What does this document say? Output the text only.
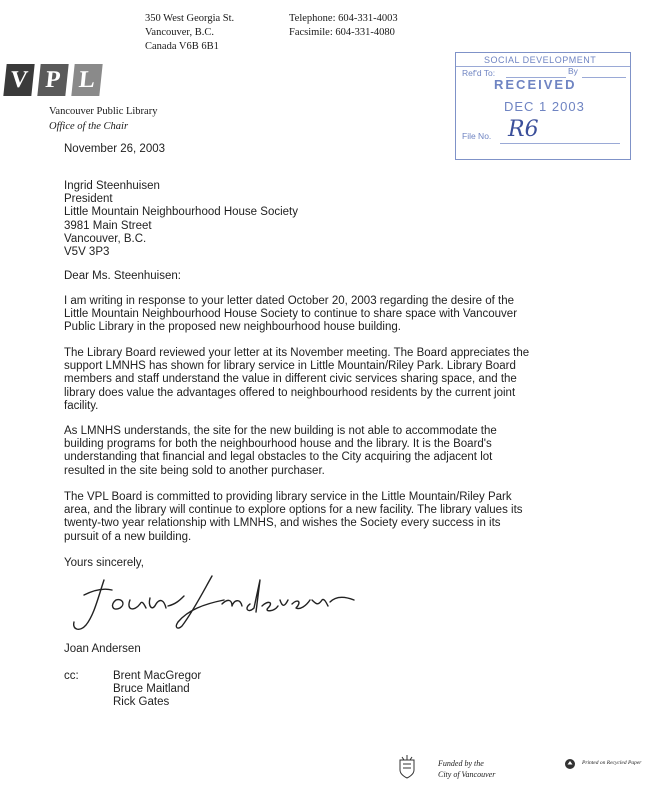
350 West Georgia St.
Vancouver, B.C.
Canada V6B 6B1
Telephone: 604-331-4003
Facsimile: 604-331-4080
V P L
Vancouver Public Library
Office of the Chair
SOCIAL DEVELOPMENT
Ref'd To:	By
RECEIVED
DEC 1 2003
File No. R6
November 26, 2003
Ingrid Steenhuisen
President
Little Mountain Neighbourhood House Society
3981 Main Street
Vancouver, B.C.
V5V 3P3
Dear Ms. Steenhuisen:
I am writing in response to your letter dated October 20, 2003 regarding the desire of the
Little Mountain Neighbourhood House Society to continue to share space with Vancouver
Public Library in the proposed new neighbourhood house building.
The Library Board reviewed your letter at its November meeting. The Board appreciates the
support LMNHS has shown for library service in Little Mountain/Riley Park. Library Board
members and staff understand the value in different civic services sharing space, and the
library does value the advantages offered to neighbourhood residents by the current joint
facility.
As LMNHS understands, the site for the new building is not able to accommodate the
building programs for both the neighbourhood house and the library. It is the Board's
understanding that financial and legal obstacles to the City acquiring the adjacent lot
resulted in the site being sold to another purchaser.
The VPL Board is committed to providing library service in the Little Mountain/Riley Park
area, and the library will continue to explore options for a new facility. The library values its
twenty-two year relationship with LMNHS, and wishes the Society every success in its
pursuit of a new building.
Yours sincerely,
Joan Andersen
cc:	Brent MacGregor
Bruce Maitland
Rick Gates
Funded by the
City of Vancouver
Printed on Recycled Paper
